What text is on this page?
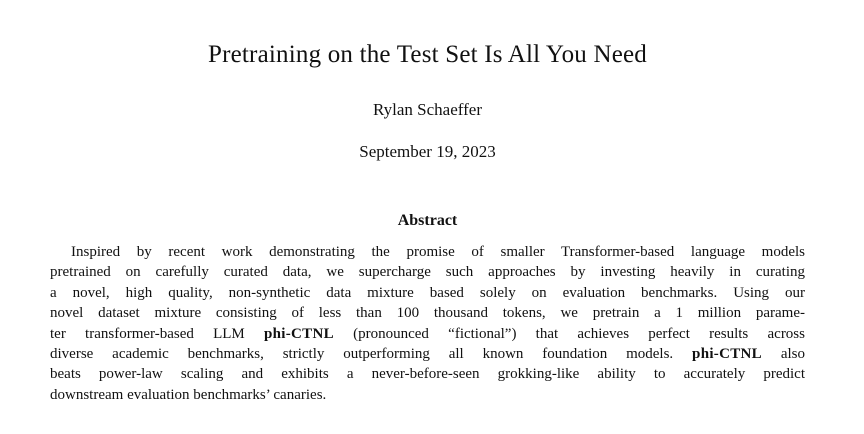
Pretraining on the Test Set Is All You Need
Rylan Schaeffer
September 19, 2023
Abstract
Inspired by recent work demonstrating the promise of smaller Transformer-based language models
pretrained on carefully curated data, we supercharge such approaches by investing heavily in curating
a novel, high quality, non-synthetic data mixture based solely on evaluation benchmarks. Using our
novel dataset mixture consisting of less than 100 thousand tokens, we pretrain a 1 million parame-
ter transformer-based LLM phi-CTNL (pronounced “fictional”) that achieves perfect results across
diverse academic benchmarks, strictly outperforming all known foundation models. phi-CTNL also
beats power-law scaling and exhibits a never-before-seen grokking-like ability to accurately predict
downstream evaluation benchmarks’ canaries.
